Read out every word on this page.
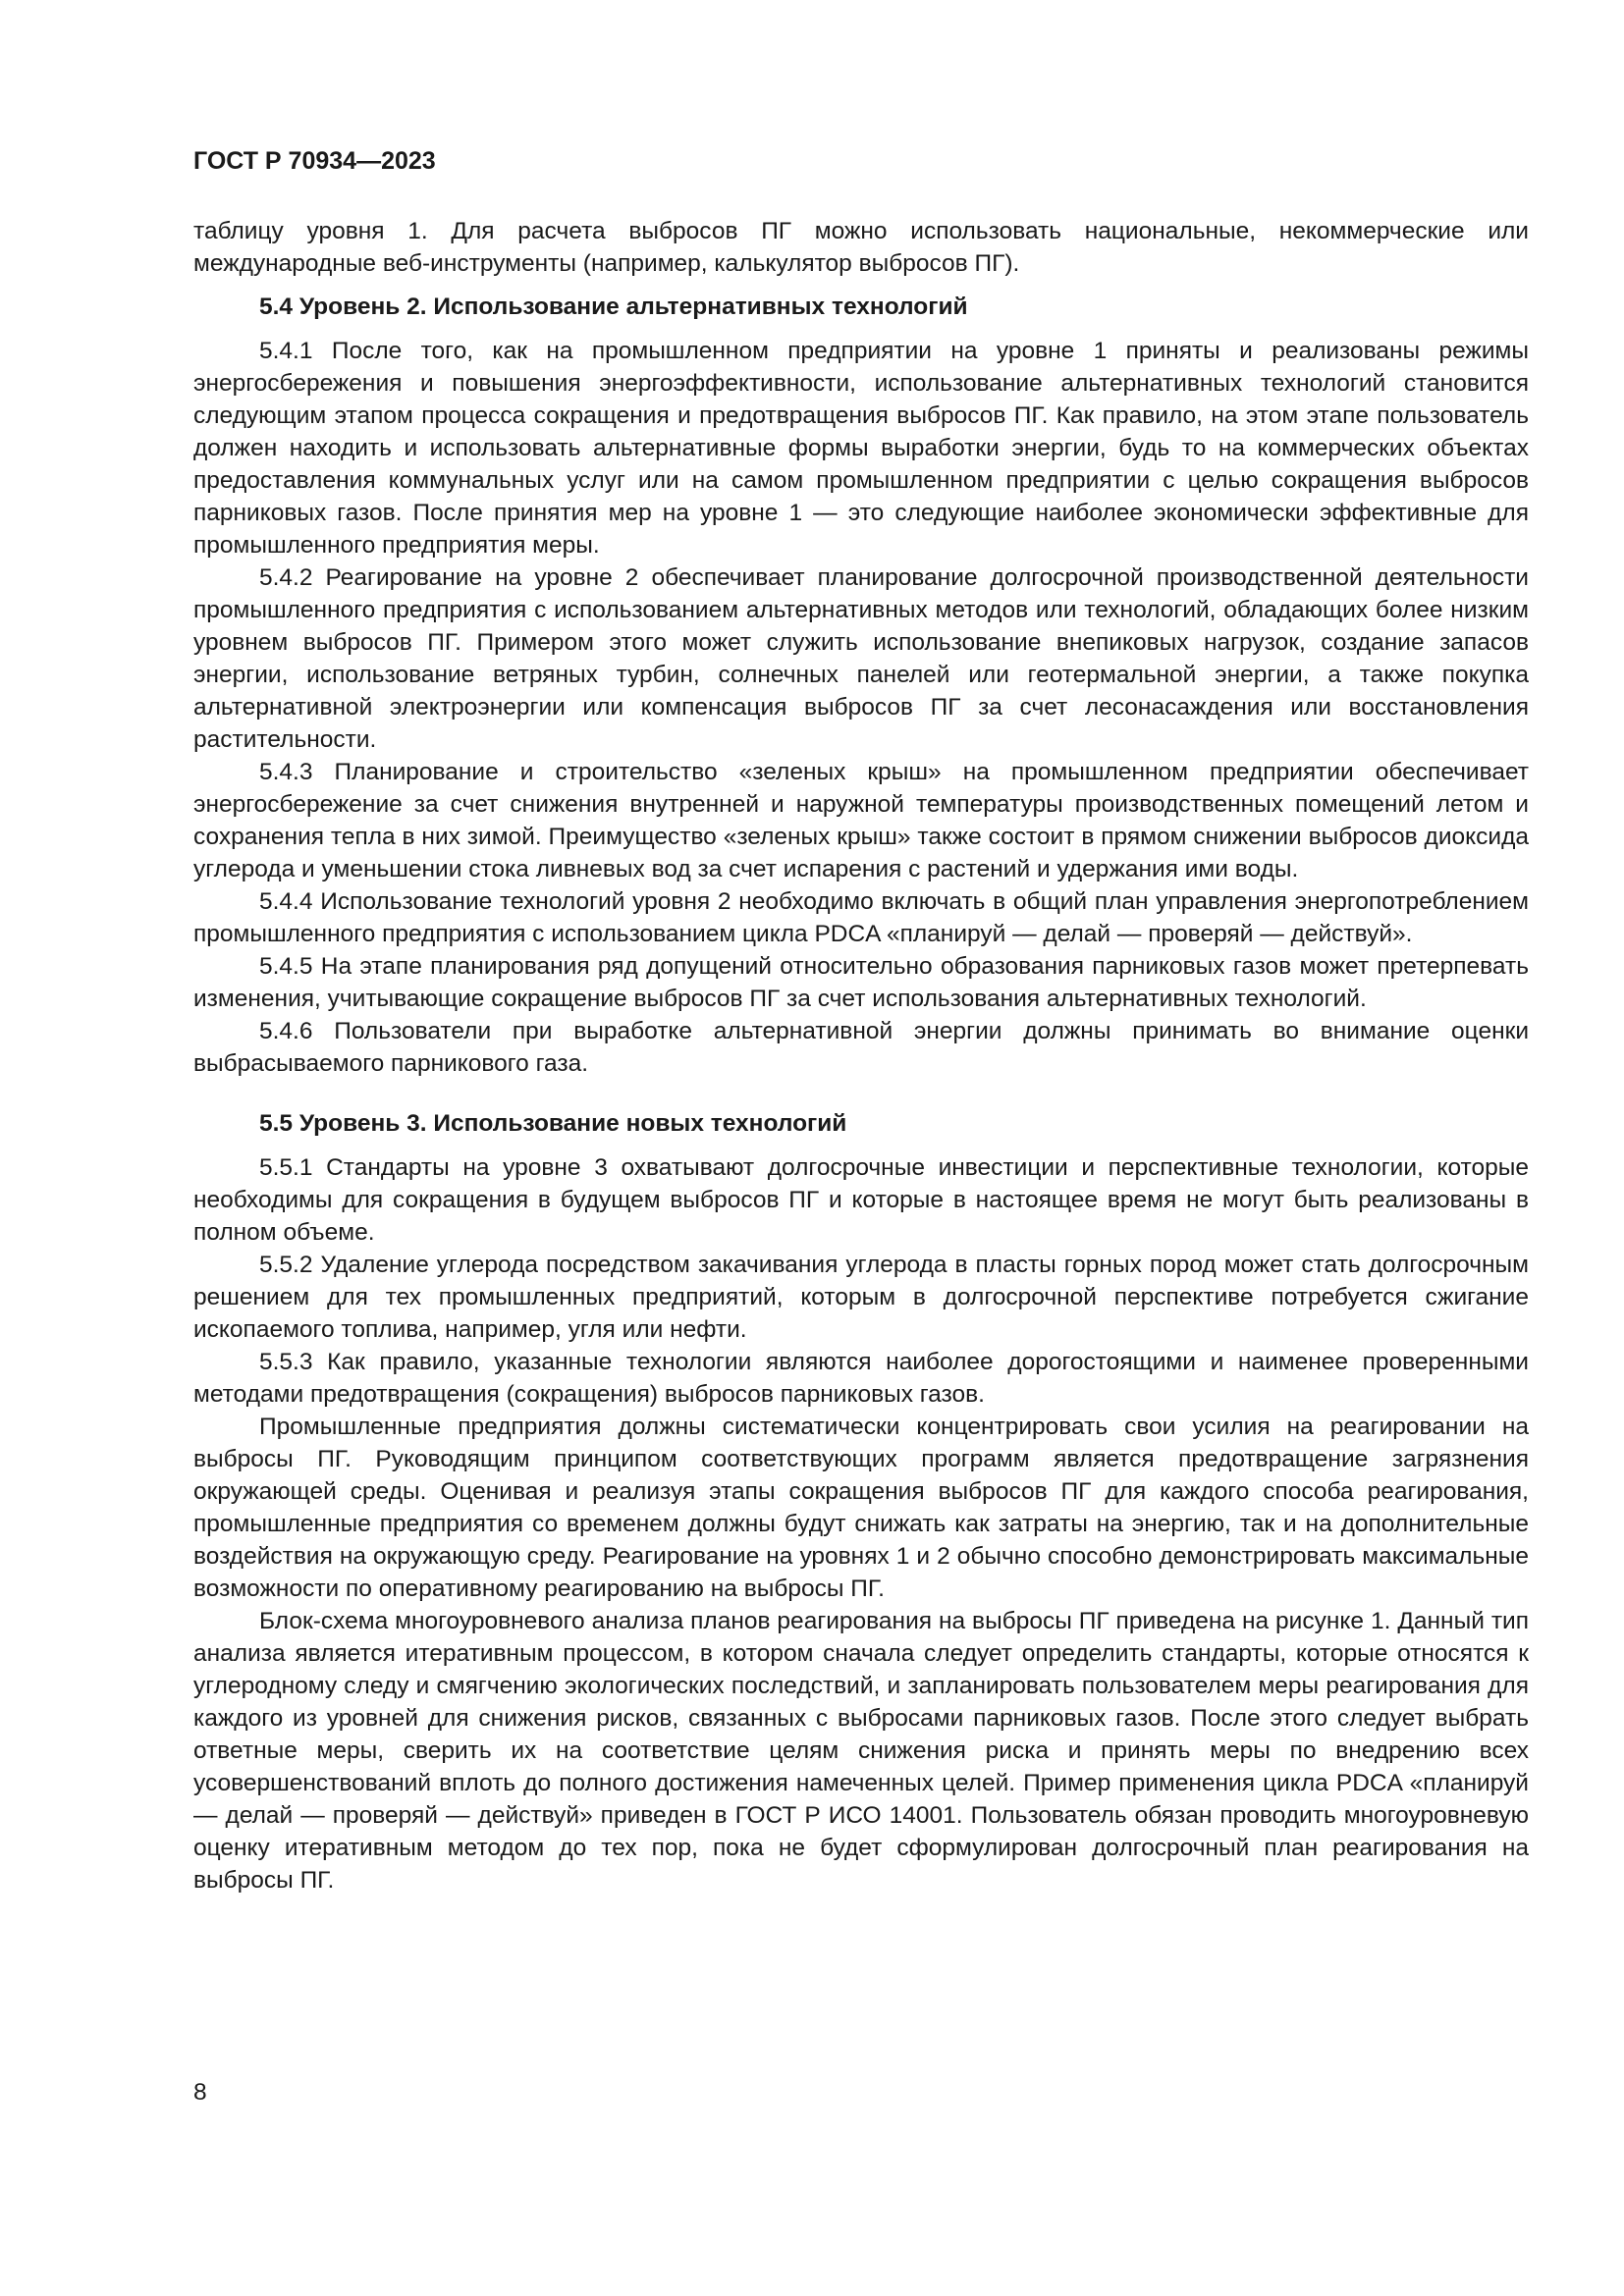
ГОСТ Р 70934—2023

таблицу уровня 1. Для расчета выбросов ПГ можно использовать национальные, некоммерческие или международные веб-инструменты (например, калькулятор выбросов ПГ).

5.4 Уровень 2. Использование альтернативных технологий

5.4.1 После того, как на промышленном предприятии на уровне 1 приняты и реализованы режимы энергосбережения и повышения энергоэффективности, использование альтернативных технологий становится следующим этапом процесса сокращения и предотвращения выбросов ПГ. Как правило, на этом этапе пользователь должен находить и использовать альтернативные формы выработки энергии, будь то на коммерческих объектах предоставления коммунальных услуг или на самом промышленном предприятии с целью сокращения выбросов парниковых газов. После принятия мер на уровне 1 — это следующие наиболее экономически эффективные для промышленного предприятия меры.

5.4.2 Реагирование на уровне 2 обеспечивает планирование долгосрочной производственной деятельности промышленного предприятия с использованием альтернативных методов или технологий, обладающих более низким уровнем выбросов ПГ. Примером этого может служить использование внепиковых нагрузок, создание запасов энергии, использование ветряных турбин, солнечных панелей или геотермальной энергии, а также покупка альтернативной электроэнергии или компенсация выбросов ПГ за счет лесонасаждения или восстановления растительности.

5.4.3 Планирование и строительство «зеленых крыш» на промышленном предприятии обеспечивает энергосбережение за счет снижения внутренней и наружной температуры производственных помещений летом и сохранения тепла в них зимой. Преимущество «зеленых крыш» также состоит в прямом снижении выбросов диоксида углерода и уменьшении стока ливневых вод за счет испарения с растений и удержания ими воды.

5.4.4 Использование технологий уровня 2 необходимо включать в общий план управления энергопотреблением промышленного предприятия с использованием цикла PDCA «планируй — делай — проверяй — действуй».

5.4.5 На этапе планирования ряд допущений относительно образования парниковых газов может претерпевать изменения, учитывающие сокращение выбросов ПГ за счет использования альтернативных технологий.

5.4.6 Пользователи при выработке альтернативной энергии должны принимать во внимание оценки выбрасываемого парникового газа.

5.5 Уровень 3. Использование новых технологий

5.5.1 Стандарты на уровне 3 охватывают долгосрочные инвестиции и перспективные технологии, которые необходимы для сокращения в будущем выбросов ПГ и которые в настоящее время не могут быть реализованы в полном объеме.

5.5.2 Удаление углерода посредством закачивания углерода в пласты горных пород может стать долгосрочным решением для тех промышленных предприятий, которым в долгосрочной перспективе потребуется сжигание ископаемого топлива, например, угля или нефти.

5.5.3 Как правило, указанные технологии являются наиболее дорогостоящими и наименее проверенными методами предотвращения (сокращения) выбросов парниковых газов.

Промышленные предприятия должны систематически концентрировать свои усилия на реагировании на выбросы ПГ. Руководящим принципом соответствующих программ является предотвращение загрязнения окружающей среды. Оценивая и реализуя этапы сокращения выбросов ПГ для каждого способа реагирования, промышленные предприятия со временем должны будут снижать как затраты на энергию, так и на дополнительные воздействия на окружающую среду. Реагирование на уровнях 1 и 2 обычно способно демонстрировать максимальные возможности по оперативному реагированию на выбросы ПГ.

Блок-схема многоуровневого анализа планов реагирования на выбросы ПГ приведена на рисунке 1. Данный тип анализа является итеративным процессом, в котором сначала следует определить стандарты, которые относятся к углеродному следу и смягчению экологических последствий, и запланировать пользователем меры реагирования для каждого из уровней для снижения рисков, связанных с выбросами парниковых газов. После этого следует выбрать ответные меры, сверить их на соответствие целям снижения риска и принять меры по внедрению всех усовершенствований вплоть до полного достижения намеченных целей. Пример применения цикла PDCA «планируй — делай — проверяй — действуй» приведен в ГОСТ Р ИСО 14001. Пользователь обязан проводить многоуровневую оценку итеративным методом до тех пор, пока не будет сформулирован долгосрочный план реагирования на выбросы ПГ.

8
